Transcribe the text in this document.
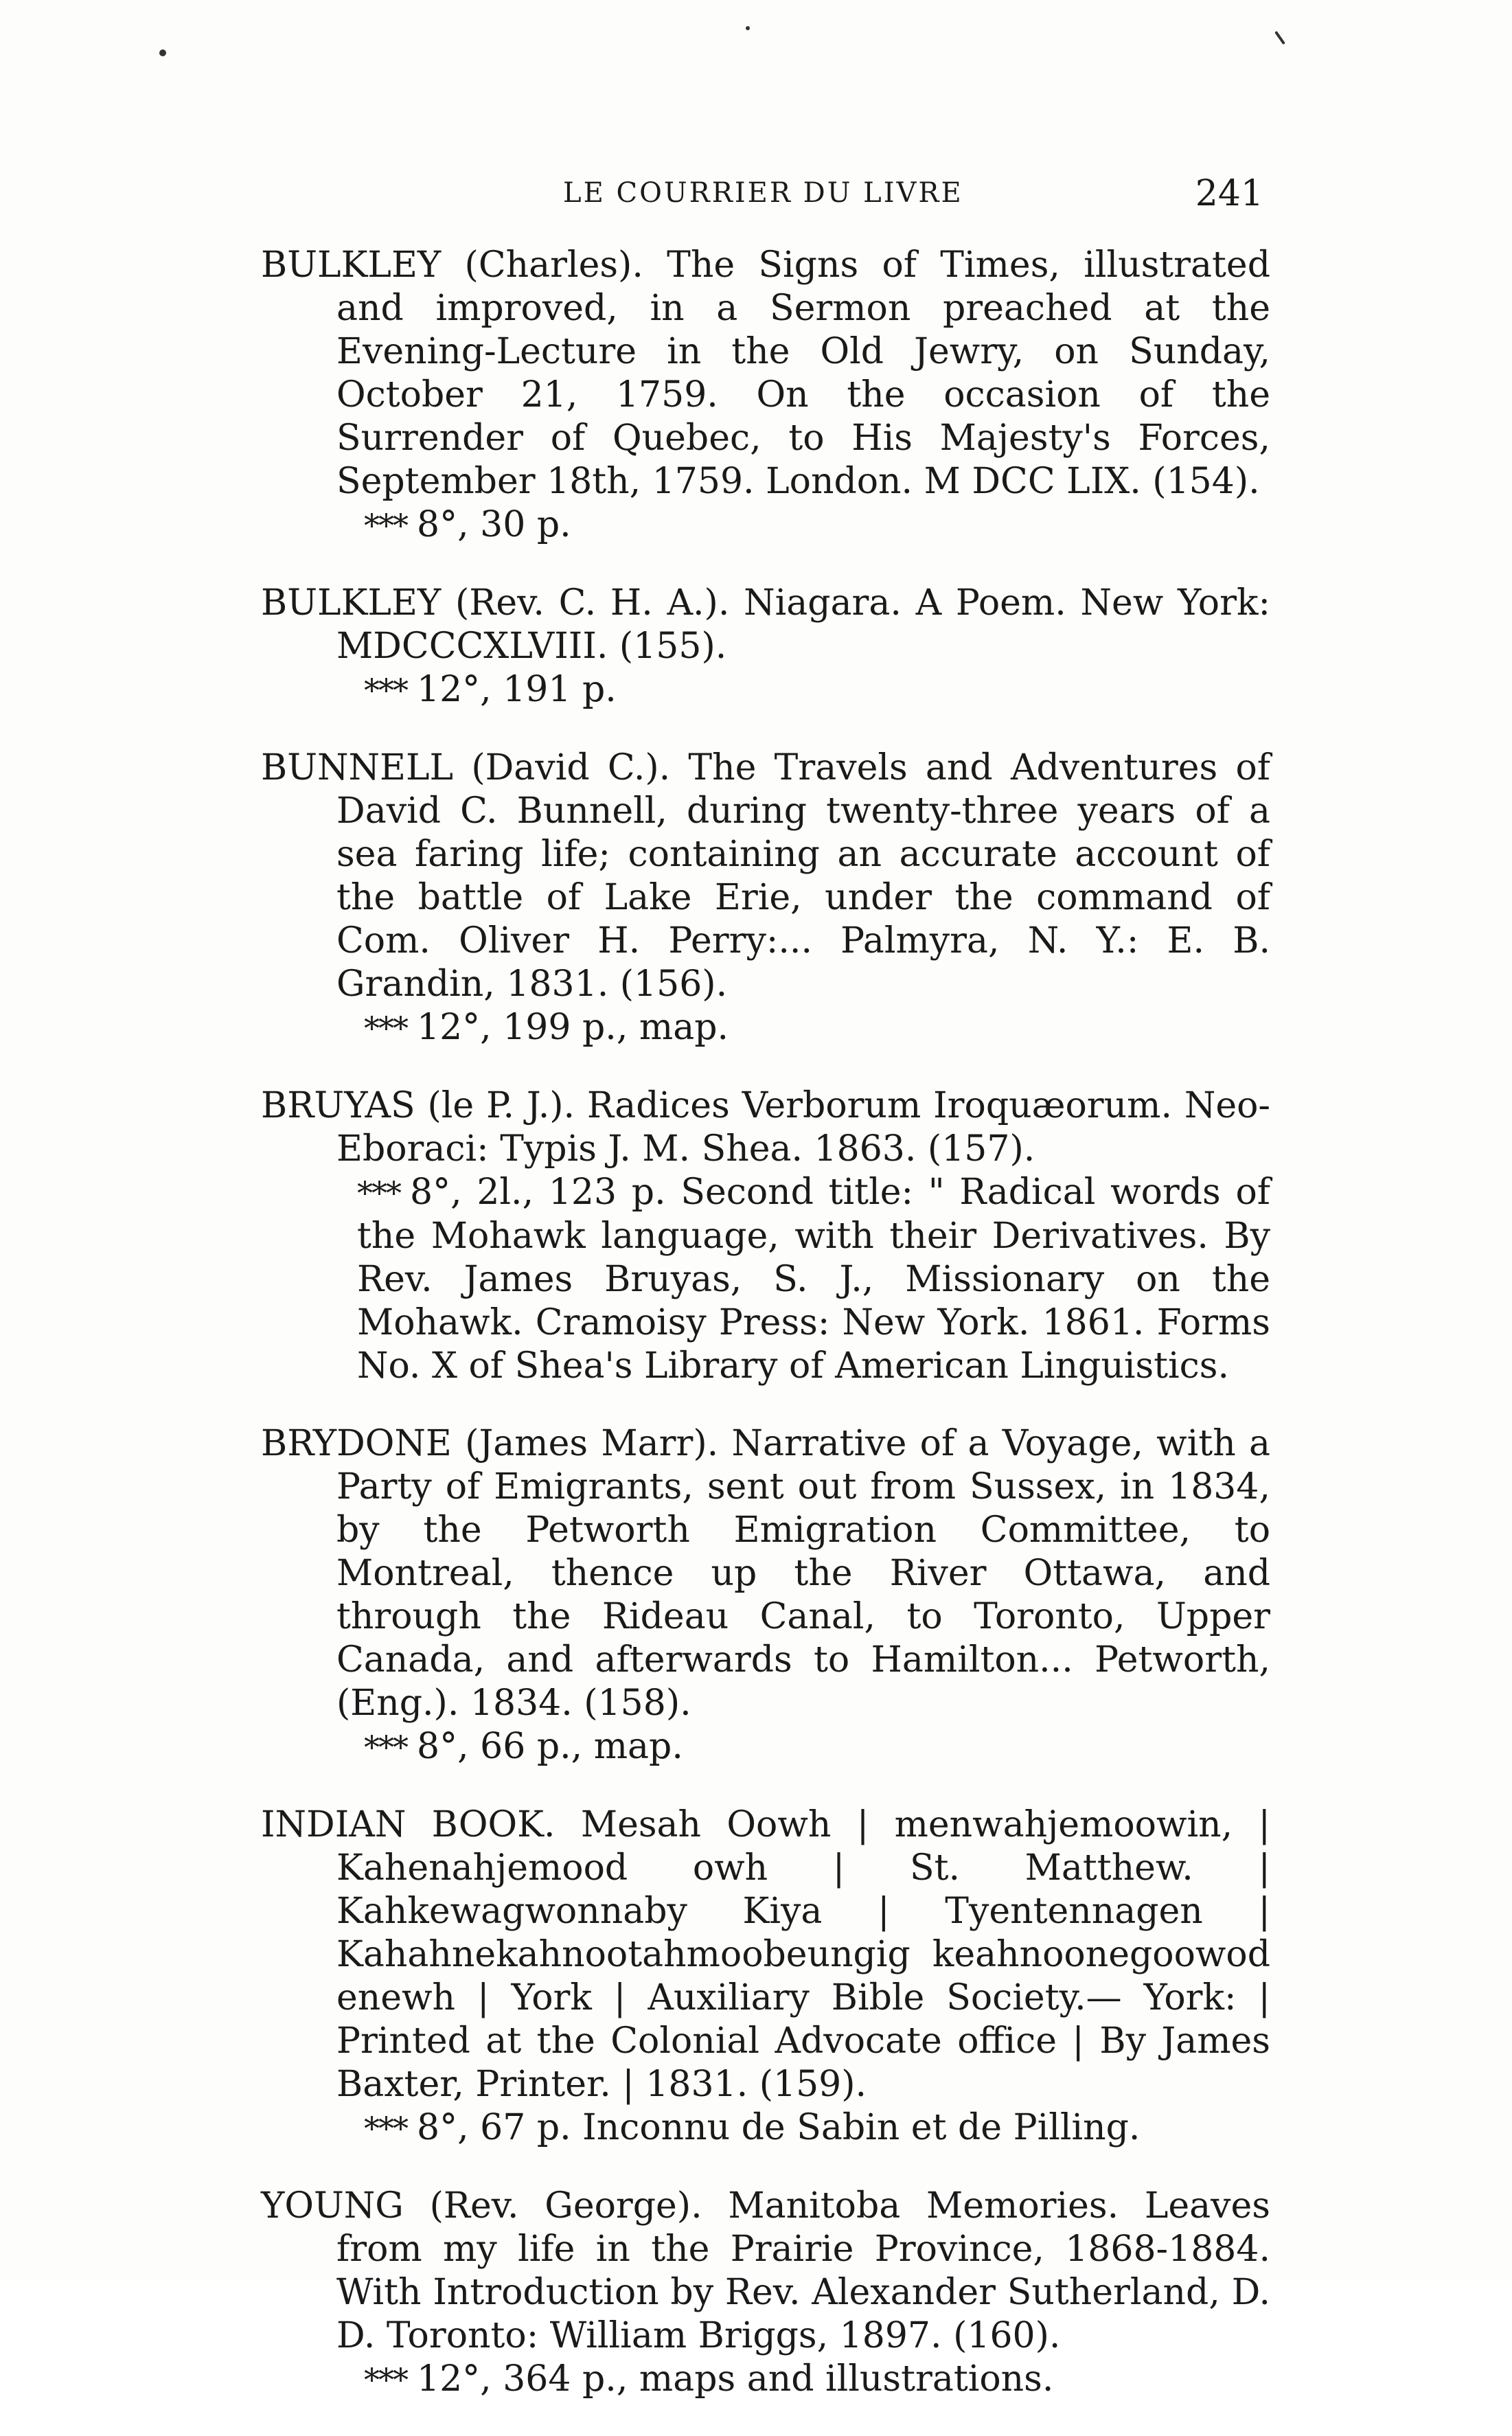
LE COURRIER DU LIVRE	241
BULKLEY (Charles). The Signs of Times, illustrated and improved, in a Sermon preached at the Evening-Lecture in the Old Jewry, on Sunday, October 21, 1759. On the occasion of the Surrender of Quebec, to His Majesty's Forces, September 18th, 1759. London. M DCC LIX. (154).
*** 8°, 30 p.
BULKLEY (Rev. C. H. A.). Niagara. A Poem. New York: MDCCCXLVIII. (155).
*** 12°, 191 p.
BUNNELL (David C.). The Travels and Adventures of David C. Bunnell, during twenty-three years of a sea faring life; containing an accurate account of the battle of Lake Erie, under the command of Com. Oliver H. Perry:... Palmyra, N. Y.: E. B. Grandin, 1831. (156).
*** 12°, 199 p., map.
BRUYAS (le P. J.). Radices Verborum Iroquæorum. Neo-Eboraci: Typis J. M. Shea. 1863. (157).
*** 8°, 2l., 123 p. Second title: " Radical words of the Mohawk language, with their Derivatives. By Rev. James Bruyas, S. J., Missionary on the Mohawk. Cramoisy Press: New York. 1861. Forms No. X of Shea's Library of American Linguistics.
BRYDONE (James Marr). Narrative of a Voyage, with a Party of Emigrants, sent out from Sussex, in 1834, by the Petworth Emigration Committee, to Montreal, thence up the River Ottawa, and through the Rideau Canal, to Toronto, Upper Canada, and afterwards to Hamilton... Petworth, (Eng.). 1834. (158).
*** 8°, 66 p., map.
INDIAN BOOK. Mesah Oowh | menwahjemoowin, | Kahenahjemood owh | St. Matthew. | Kahkewagwonnaby Kiya | Tyentennagen | Kahahnekahnootahmoobeungig keahnoonegoowod enewh | York | Auxiliary Bible Society.— York: | Printed at the Colonial Advocate office | By James Baxter, Printer. | 1831. (159).
*** 8°, 67 p. Inconnu de Sabin et de Pilling.
YOUNG (Rev. George). Manitoba Memories. Leaves from my life in the Prairie Province, 1868-1884. With Introduction by Rev. Alexander Sutherland, D. D. Toronto: William Briggs, 1897. (160).
*** 12°, 364 p., maps and illustrations.
